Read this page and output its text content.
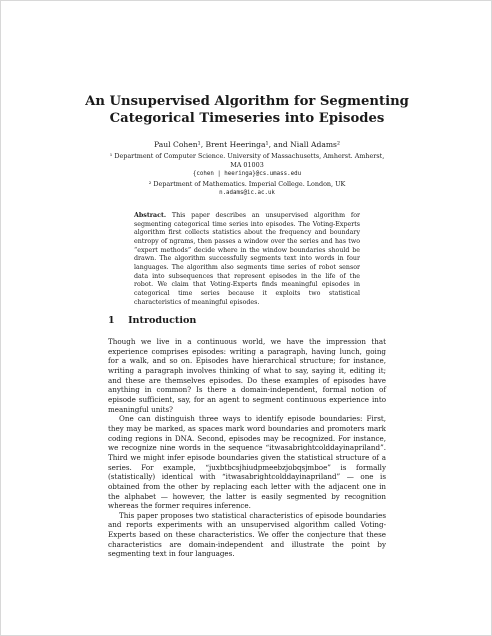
An Unsupervised Algorithm for Segmenting
Categorical Timeseries into Episodes
Paul Cohen¹, Brent Heeringa¹, and Niall Adams²
¹ Department of Computer Science. University of Massachusetts, Amherst. Amherst,
MA 01003
{cohen | heeringa}@cs.umass.edu
² Department of Mathematics. Imperial College. London, UK
n.adams@ic.ac.uk
Abstract. This paper describes an unsupervised algorithm for segmenting categorical time series into episodes. The Voting-Experts algorithm first collects statistics about the frequency and boundary entropy of ngrams, then passes a window over the series and has two “expert methods” decide where in the window boundaries should be drawn. The algorithm successfully segments text into words in four languages. The algorithm also segments time series of robot sensor data into subsequences that represent episodes in the life of the robot. We claim that Voting-Experts finds meaningful episodes in categorical time series because it exploits two statistical characteristics of meaningful episodes.
1 Introduction

Though we live in a continuous world, we have the impression that experience comprises episodes: writing a paragraph, having lunch, going for a walk, and so on. Episodes have hierarchical structure; for instance, writing a paragraph involves thinking of what to say, saying it, editing it; and these are themselves episodes. Do these examples of episodes have anything in common? Is there a domain-independent, formal notion of episode sufficient, say, for an agent to segment continuous experience into meaningful units?

One can distinguish three ways to identify episode boundaries: First, they may be marked, as spaces mark word boundaries and promoters mark coding regions in DNA. Second, episodes may be recognized. For instance, we recognize nine words in the sequence “itwasabrightcolddayinapriland”. Third we might infer episode boundaries given the statistical structure of a series. For example, “juxbtbcsjhiudpmeebzjobqsjmboe” is formally (statistically) identical with “itwasabrightcolddayinapriland” — one is obtained from the other by replacing each letter with the adjacent one in the alphabet — however, the latter is easily segmented by recognition whereas the former requires inference.

This paper proposes two statistical characteristics of episode boundaries and reports experiments with an unsupervised algorithm called Voting-Experts based on these characteristics. We offer the conjecture that these characteristics are domain-independent and illustrate the point by segmenting text in four languages.
